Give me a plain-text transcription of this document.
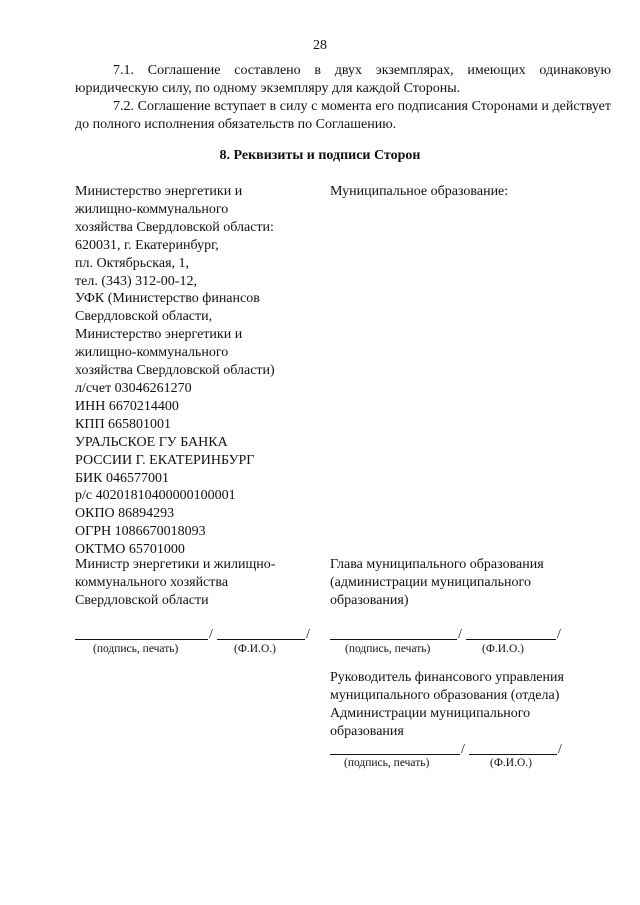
28

7.1. Соглашение составлено в двух экземплярах, имеющих одинаковую юридическую силу, по одному экземпляру для каждой Стороны.

7.2. Соглашение вступает в силу с момента его подписания Сторонами и действует до полного исполнения обязательств по Соглашению.

8. Реквизиты и подписи Сторон
Министерство энергетики и
жилищно-коммунального
хозяйства Свердловской области:
620031, г. Екатеринбург,
пл. Октябрьская, 1,
тел. (343) 312-00-12,
УФК (Министерство финансов
Свердловской области,
Министерство энергетики и
жилищно-коммунального
хозяйства Свердловской области)
л/счет 03046261270
ИНН 6670214400
КПП 665801001
УРАЛЬСКОЕ ГУ БАНКА
РОССИИ Г. ЕКАТЕРИНБУРГ
БИК 046577001
р/с 40201810400000100001
ОКПО 86894293
ОГРН 1086670018093
ОКТМО 65701000
Муниципальное образование:
Министр энергетики и жилищно-
коммунального хозяйства
Свердловской области
/	/
(подпись, печать)	(Ф.И.О.)
Глава муниципального образования
(администрации муниципального
образования)
/	/
(подпись, печать)	(Ф.И.О.)
Руководитель финансового управления
муниципального образования (отдела)
Администрации муниципального
образования
/	/
(подпись, печать)	(Ф.И.О.)
